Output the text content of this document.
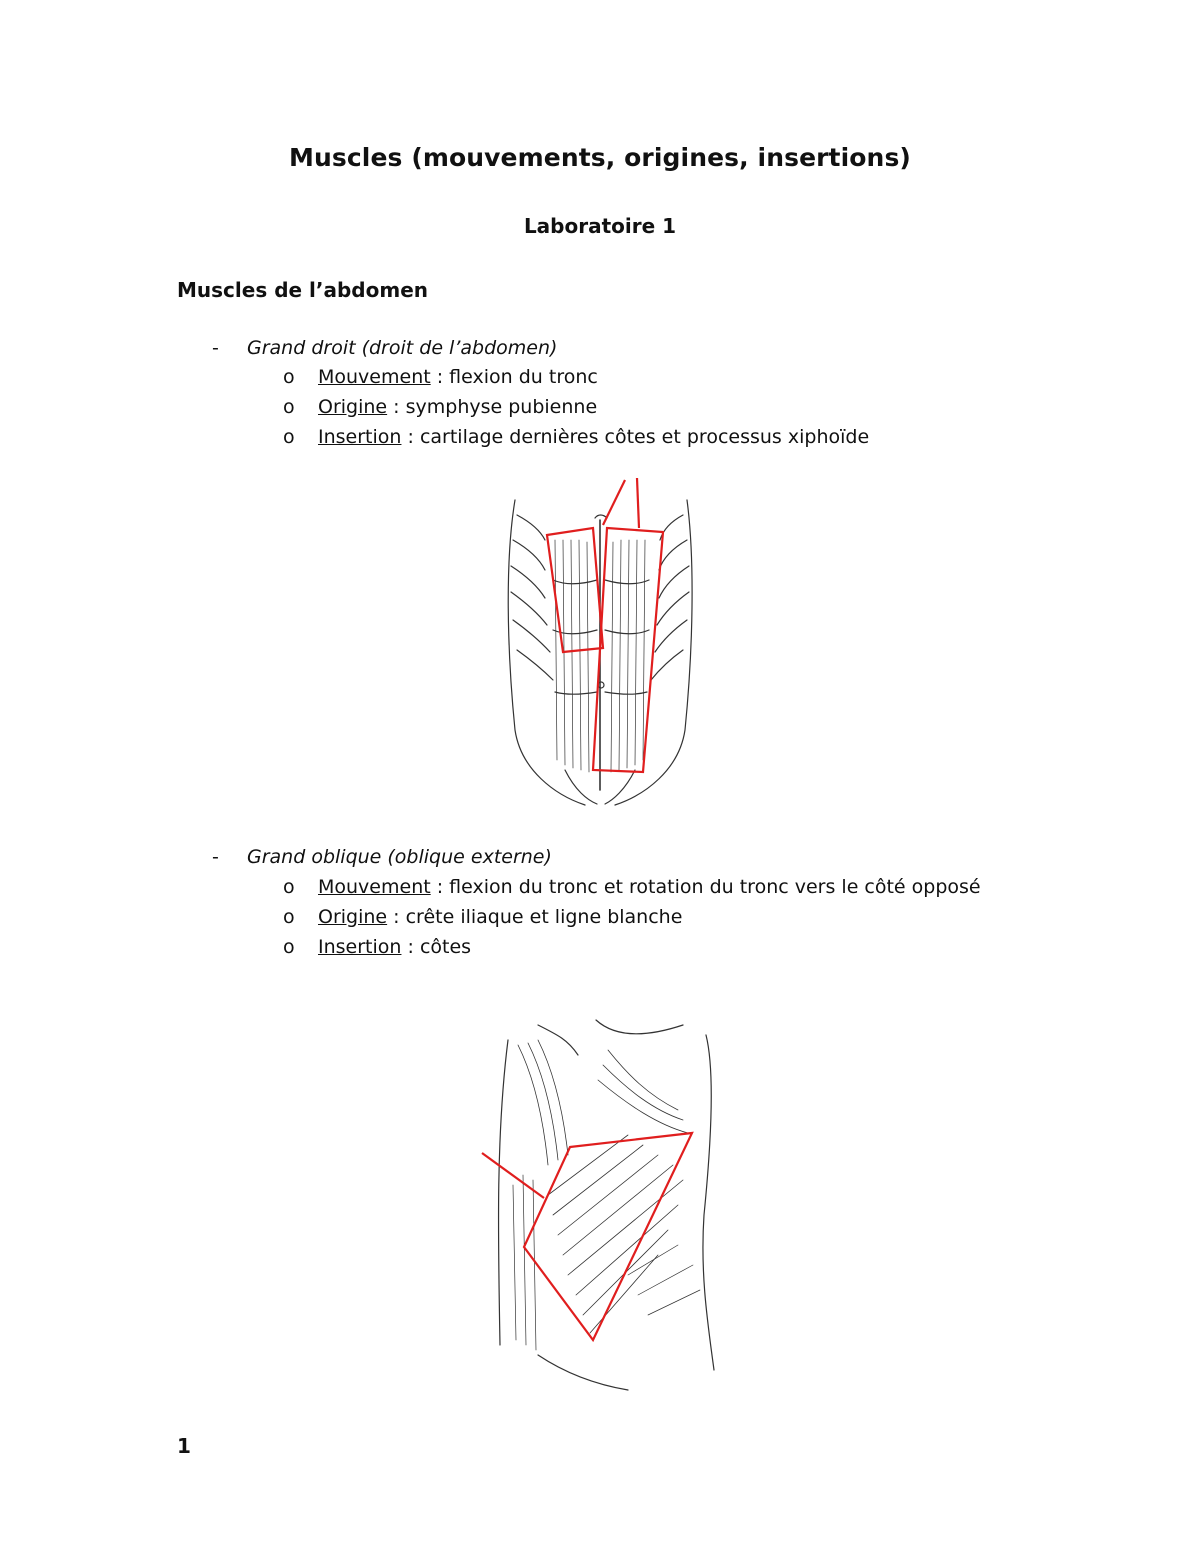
Muscles (mouvements, origines, insertions)
Laboratoire 1
Muscles de l’abdomen
- Grand droit (droit de l’abdomen)
o Mouvement : flexion du tronc
o Origine : symphyse pubienne
o Insertion : cartilage dernières côtes et processus xiphoïde
- Grand oblique (oblique externe)
o Mouvement : flexion du tronc et rotation du tronc vers le côté opposé
o Origine : crête iliaque et ligne blanche
o Insertion : côtes
1
